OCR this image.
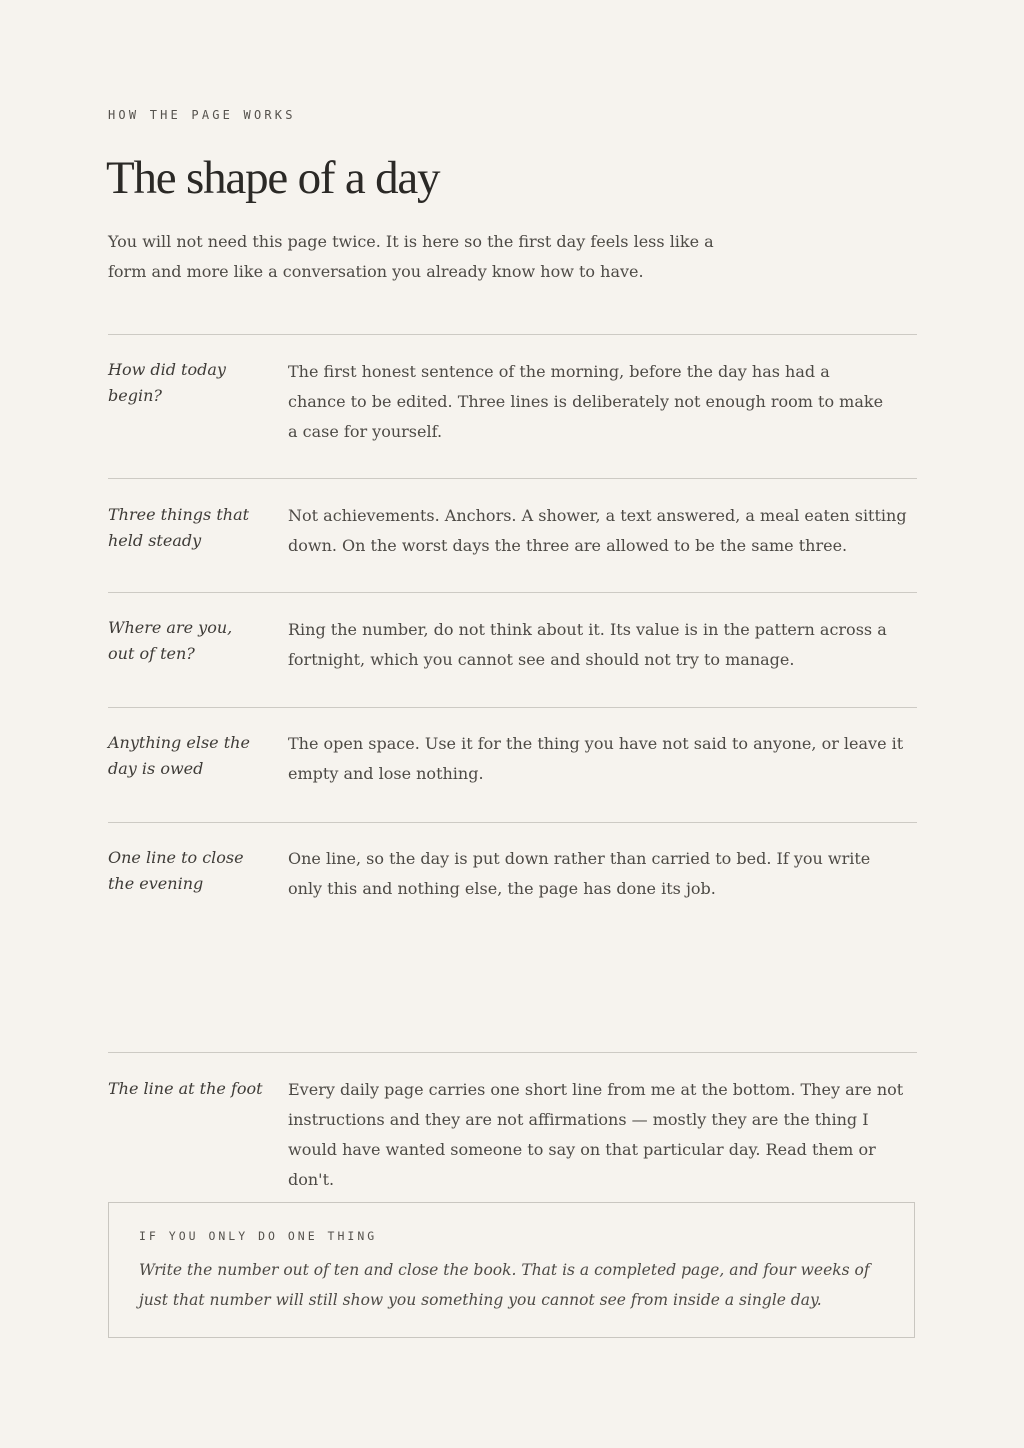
HOW THE PAGE WORKS
The shape of a day

You will not need this page twice. It is here so the first day feels less like a form and more like a conversation you already know how to have.

How did today begin?

The first honest sentence of the morning, before the day has had a chance to be edited. Three lines is deliberately not enough room to make a case for yourself.

Three things that held steady

Not achievements. Anchors. A shower, a text answered, a meal eaten sitting down. On the worst days the three are allowed to be the same three.

Where are you, out of ten?

Ring the number, do not think about it. Its value is in the pattern across a fortnight, which you cannot see and should not try to manage.

Anything else the day is owed

The open space. Use it for the thing you have not said to anyone, or leave it empty and lose nothing.

One line to close the evening

One line, so the day is put down rather than carried to bed. If you write only this and nothing else, the page has done its job.

The line at the foot	Every daily page carries one short line from me at the bottom. They are not instructions and they are not affirmations — mostly they are the thing I would have wanted someone to say on that particular day. Read them or don't.

IF YOU ONLY DO ONE THING

Write the number out of ten and close the book. That is a completed page, and four weeks of just that number will still show you something you cannot see from inside a single day.
